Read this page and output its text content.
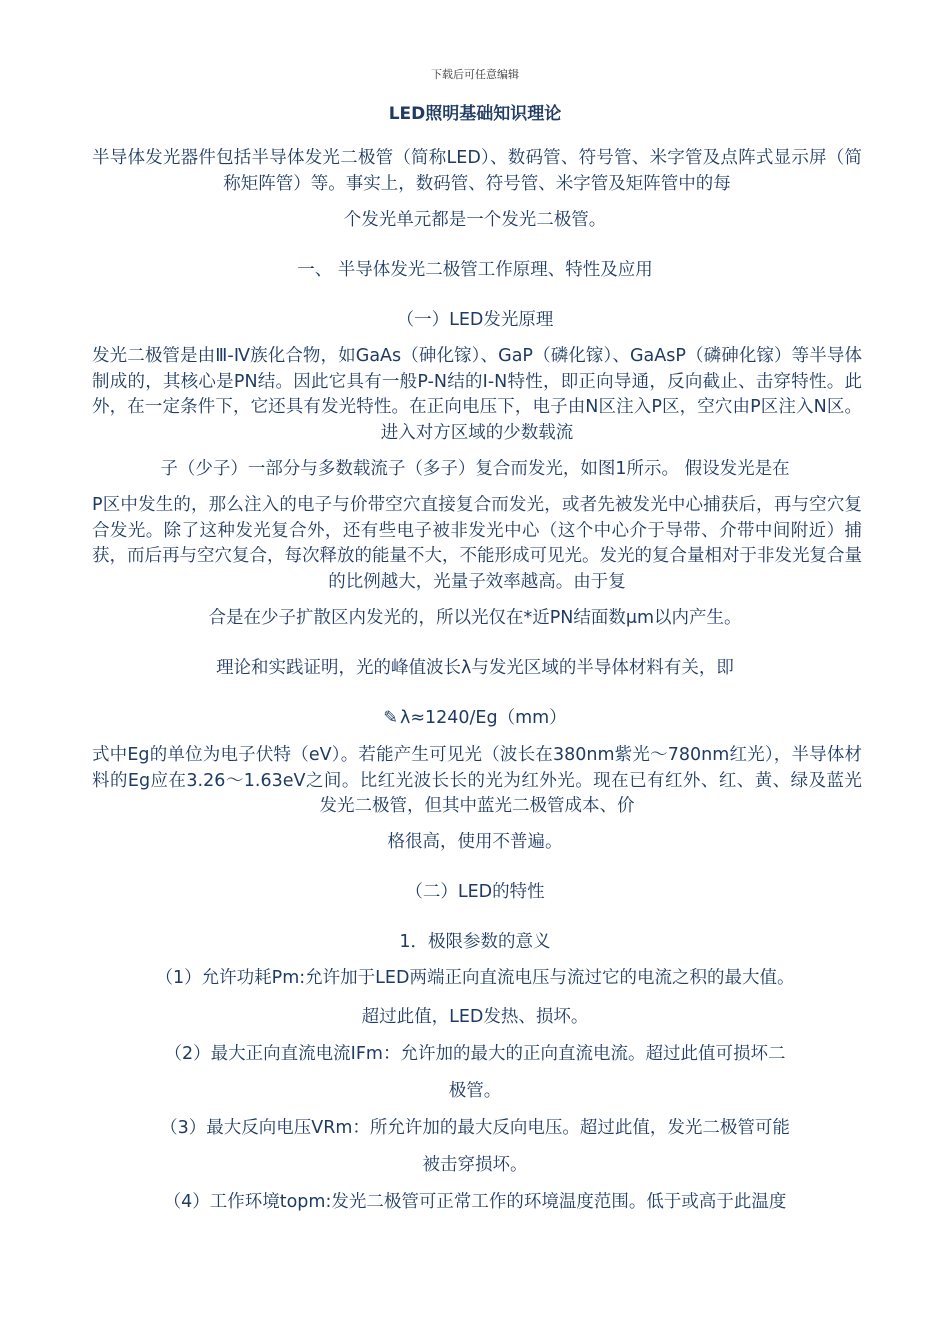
下载后可任意编辑
LED照明基础知识理论
半导体发光器件包括半导体发光二极管（简称LED）、数码管、符号管、米字管及点阵式显示屏（简称矩阵管）等。事实上，数码管、符号管、米字管及矩阵管中的每
个发光单元都是一个发光二极管。
一、 半导体发光二极管工作原理、特性及应用
（一）LED发光原理
发光二极管是由Ⅲ-Ⅳ族化合物，如GaAs（砷化镓）、GaP（磷化镓）、GaAsP（磷砷化镓）等半导体制成的，其核心是PN结。因此它具有一般P-N结的I-N特性，即正向导通，反向截止、击穿特性。此外，在一定条件下，它还具有发光特性。在正向电压下，电子由N区注入P区，空穴由P区注入N区。进入对方区域的少数载流
子（少子）一部分与多数载流子（多子）复合而发光，如图1所示。 假设发光是在
P区中发生的，那么注入的电子与价带空穴直接复合而发光，或者先被发光中心捕获后，再与空穴复合发光。除了这种发光复合外，还有些电子被非发光中心（这个中心介于导带、介带中间附近）捕获，而后再与空穴复合，每次释放的能量不大，不能形成可见光。发光的复合量相对于非发光复合量的比例越大，光量子效率越高。由于复
合是在少子扩散区内发光的，所以光仅在*近PN结面数μm以内产生。
理论和实践证明，光的峰值波长λ与发光区域的半导体材料有关，即
✎ λ≈1240/Eg（mm）
式中Eg的单位为电子伏特（eV）。若能产生可见光（波长在380nm紫光～780nm红光），半导体材料的Eg应在3.26～1.63eV之间。比红光波长长的光为红外光。现在已有红外、红、黄、绿及蓝光发光二极管，但其中蓝光二极管成本、价
格很高，使用不普遍。
（二）LED的特性
1．极限参数的意义
（1）允许功耗Pm:允许加于LED两端正向直流电压与流过它的电流之积的最大值。
超过此值，LED发热、损坏。
（2）最大正向直流电流IFm：允许加的最大的正向直流电流。超过此值可损坏二
极管。
（3）最大反向电压VRm：所允许加的最大反向电压。超过此值，发光二极管可能
被击穿损坏。
（4）工作环境topm:发光二极管可正常工作的环境温度范围。低于或高于此温度
